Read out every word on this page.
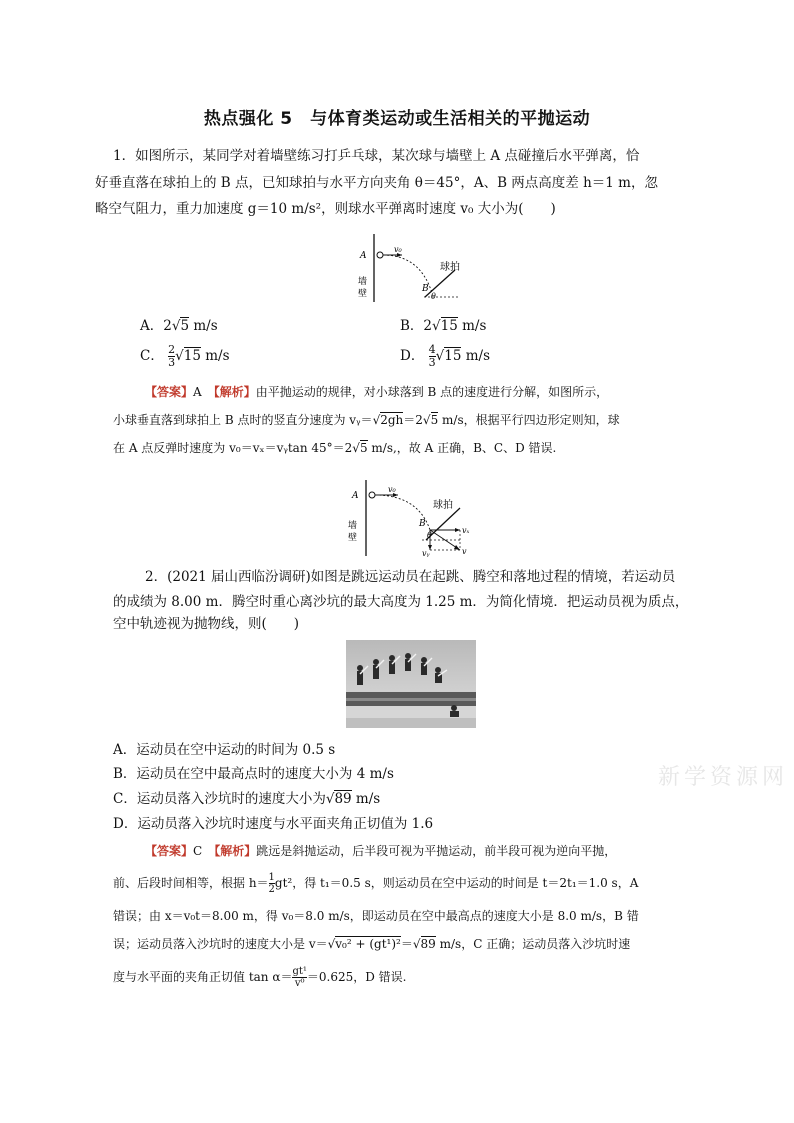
热点强化 5　与体育类运动或生活相关的平抛运动
1．如图所示，某同学对着墙壁练习打乒乓球，某次球与墙壁上 A 点碰撞后水平弹离，恰
好垂直落在球拍上的 B 点，已知球拍与水平方向夹角 θ＝45°，A、B 两点高度差 h＝1 m，忽
略空气阻力，重力加速度 g＝10 m/s²，则球水平弹离时速度 v₀ 大小为(　　)
A
v₀
球拍
B
θ
墙
壁
A．2√5 m/s	B．2√15 m/s
C． $\frac{2}{3} √15$ m/s	D． $\frac{4}{3} √15$ m/s
【答案】A　 【解析】由平抛运动的规律，对小球落到 B 点的速度进行分解，如图所示，
小球垂直落到球拍上 B 点时的竖直分速度为 vᵧ＝√2gh＝2√5 m/s，根据平行四边形定则知，球
在 A 点反弹时速度为 v₀＝vₓ＝vᵧtan 45°＝2√5 m/s,，故 A 正确，B、C、D 错误.
A
v₀
球拍
B
θ
vₓ
vᵧ	v
墙
壁
2．(2021 届山西临汾调研)如图是跳远运动员在起跳、腾空和落地过程的情境，若运动员
的成绩为 8.00 m．腾空时重心离沙坑的最大高度为 1.25 m．为简化情境．把运动员视为质点，
空中轨迹视为抛物线，则(　　)
A．运动员在空中运动的时间为 0.5 s
B．运动员在空中最高点时的速度大小为 4 m/s
C．运动员落入沙坑时的速度大小为√89 m/s
D．运动员落入沙坑时速度与水平面夹角正切值为 1.6
新学资源网
【答案】C　 【解析】跳远是斜抛运动，后半段可视为平抛运动，前半段可视为逆向平抛，
前、后段时间相等，根据 $h= \frac{1}{2} gt^2$，得 t₁＝0.5 s，则运动员在空中运动的时间是 t＝2t₁＝1.0 s，A
错误；由 x＝v₀t＝8.00 m，得 v₀＝8.0 m/s，即运动员在空中最高点的速度大小是 8.0 m/s，B 错
误；运动员落入沙坑时的速度大小是 v＝√v₀² + (gt¹)²＝√89 m/s，C 正确；运动员落入沙坑时速
度与水平面的夹角正切值 $\tan \alpha= \frac{\text{gt¹}}{\text{v⁰}} =0.625$，D 错误.
